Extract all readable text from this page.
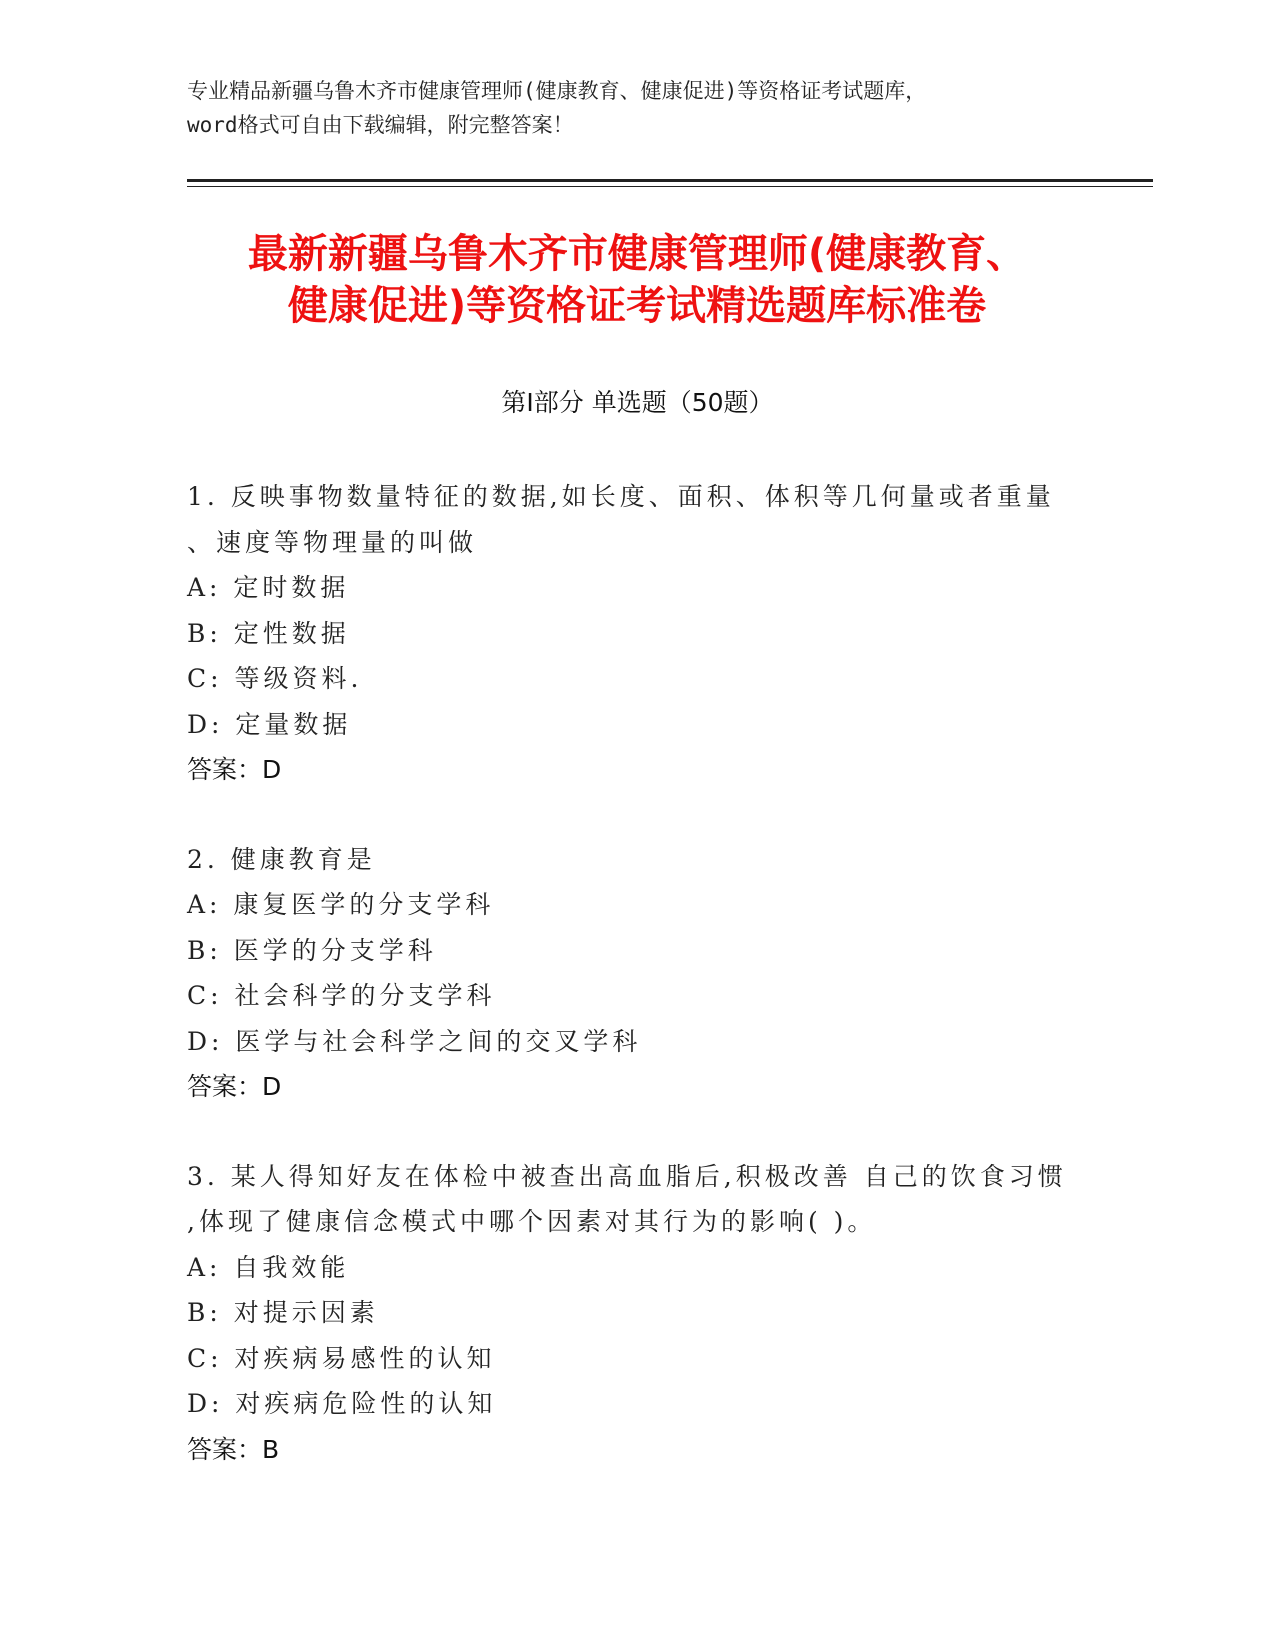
专业精品新疆乌鲁木齐市健康管理师(健康教育、健康促进)等资格证考试题库，
word格式可自由下载编辑，附完整答案！
最新新疆乌鲁木齐市健康管理师(健康教育、
健康促进)等资格证考试精选题库标准卷
第Ⅰ部分 单选题（50题）
1. 反映事物数量特征的数据,如长度、面积、体积等几何量或者重量
、速度等物理量的叫做
A: 定时数据
B: 定性数据
C: 等级资料.
D: 定量数据
答案：D
2. 健康教育是
A: 康复医学的分支学科
B: 医学的分支学科
C: 社会科学的分支学科
D: 医学与社会科学之间的交叉学科
答案：D
3. 某人得知好友在体检中被查出高血脂后,积极改善 自己的饮食习惯
,体现了健康信念模式中哪个因素对其行为的影响( )。
A: 自我效能
B: 对提示因素
C: 对疾病易感性的认知
D: 对疾病危险性的认知
答案：B
